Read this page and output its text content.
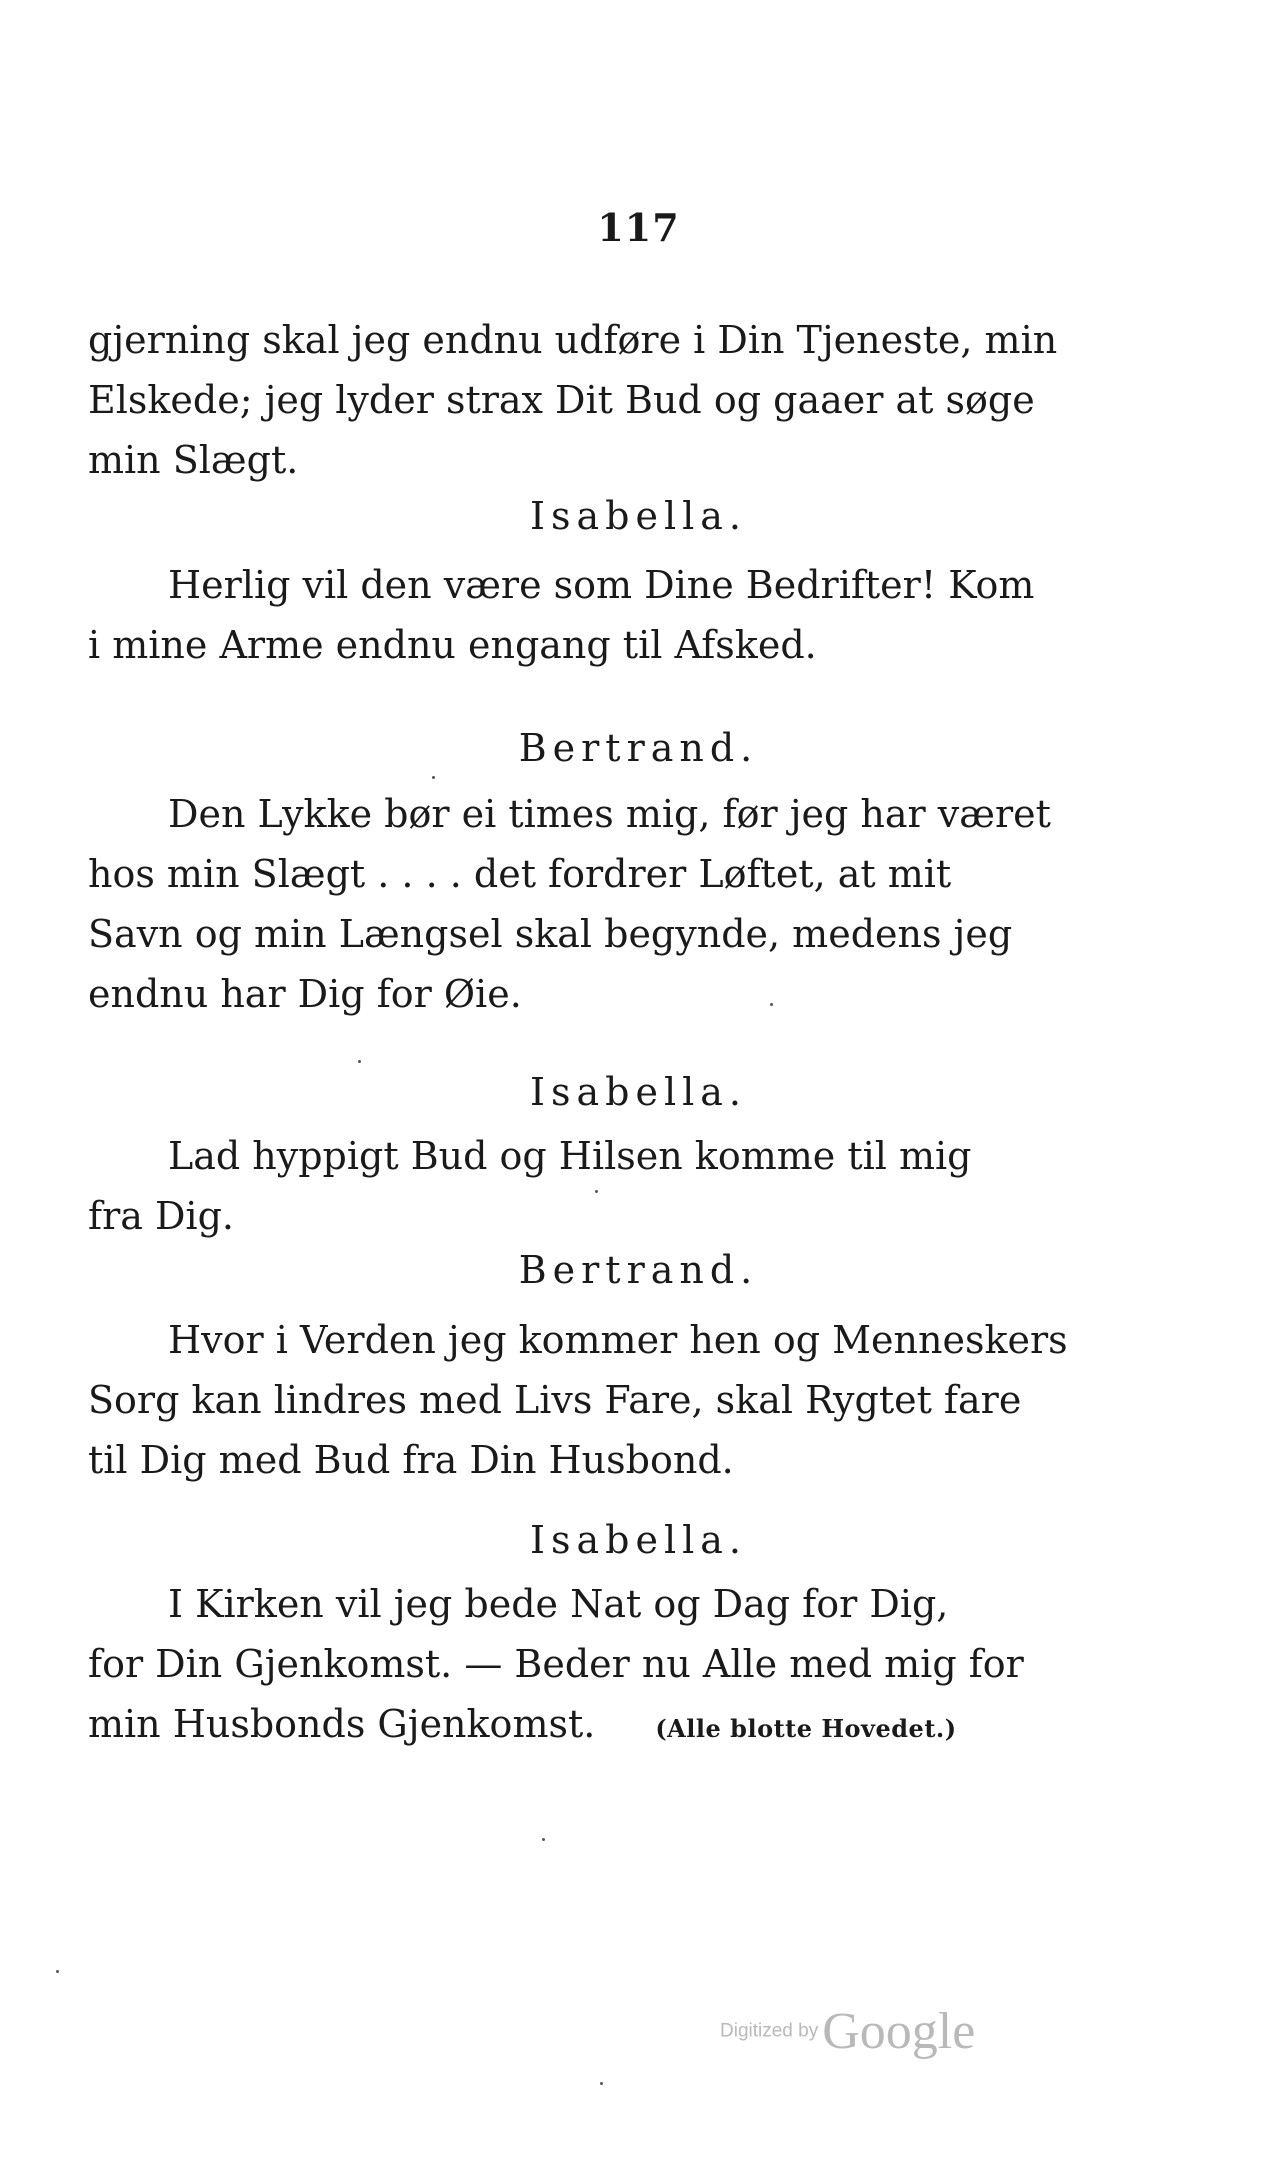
117
gjerning skal jeg endnu udføre i Din Tjeneste, min
Elskede; jeg lyder strax Dit Bud og gaaer at søge
min Slægt.
Isabella.
Herlig vil den være som Dine Bedrifter! Kom
i mine Arme endnu engang til Afsked.
Bertrand.
Den Lykke bør ei times mig, før jeg har været
hos min Slægt . . . . det fordrer Løftet, at mit
Savn og min Længsel skal begynde, medens jeg
endnu har Dig for Øie.
Isabella.
Lad hyppigt Bud og Hilsen komme til mig
fra Dig.
Bertrand.
Hvor i Verden jeg kommer hen og Menneskers
Sorg kan lindres med Livs Fare, skal Rygtet fare
til Dig med Bud fra Din Husbond.
Isabella.
I Kirken vil jeg bede Nat og Dag for Dig,
for Din Gjenkomst. — Beder nu Alle med mig for
min Husbonds Gjenkomst.	(Alle blotte Hovedet.)
Digitized byGoogle
